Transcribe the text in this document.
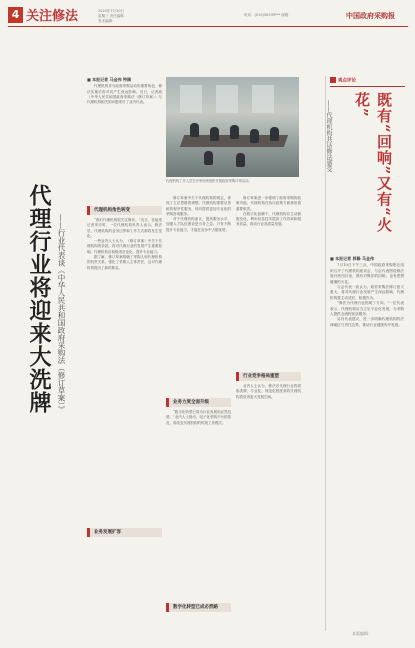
4 关注修法	2024年7月10日
星期三 责任编辑：
美术编辑：
电话：(010)58335*** 邮箱：	中国政府采购报
代理行业将迎来大洗牌 ——行业代表谈《中华人民共和国政府采购法（修订草案）》
■ 本报记者 马金伟 特稿

代理机构作为政府采购活动的重要角色，修法实施后将对其产生深远影响。近日，记者就《中华人民共和国政府采购法（修订草案）》与代理机构相关的问题采访了业内代表。

代理机构角色转变

“我们代理机构很关注修法。”近日，在接受记者采访时，一位代理机构负责人表示。修法后，代理机构的业务边界和工作方式都将发生变化。

一些业内人士认为，《修订草案》中关于代理机构的条款，将对代理行业的发展产生重要影响。代理机构应积极适应变化，提升专业能力。

据了解，修订草案明确了采购人和代理机构的权责关系，强化了采购人主体责任，这对代理机构提出了新的要求。

业务发展扩容
代理机构工作人员在评审现场组织开展政府采购评审活动。

修订草案中关于代理机构的规定，体现了立法思路的调整。代理机构需要从传统的程序性服务，转向提供更加专业化的采购咨询服务。

对于代理机构而言，提高服务水平、加强人才队伍建设是当务之急。只有不断提升专业能力，才能在竞争中占据优势。

业务力度全面升级

“数字化转型已成为行业发展的必然趋势。”业内人士指出，电子化采购平台的普及，将改变代理机构的传统工作模式。

数字化转型已成必然路

修订草案进一步强调了政府采购的政策功能，代理机构在执行政策方面承担着重要职责。

在数字化浪潮下，代理机构应主动拥抱变化，利用信息技术提高工作效率和服务质量，推动行业高质量发展。

行业竞争格局重塑

业内人士认为，修法后代理行业将面临洗牌，专业化、规范化程度高的代理机构将获得更大发展空间。

观点评论
既有“回响”又有“火花”
——代理机构共话修法感受
■ 本报记者 郭静 马金伟

7月10日下午三点，中国政府采购报社组织召开了代理机构座谈会，与会代表围绕修法展开热烈讨论，既有对修法的回响，也有思想碰撞的火花。

与会代表一致认为，政府采购法修订意义重大，将对代理行业发展产生深远影响，代理机构要主动适应、积极作为。

“修法为代理行业指明了方向。”一位代表表示，代理机构应当立足专业化发展，为采购人提供全流程优质服务。

另有代表建议，进一步明确代理机构的法律地位与责任边界，推动行业健康有序发展。

本版编辑：
